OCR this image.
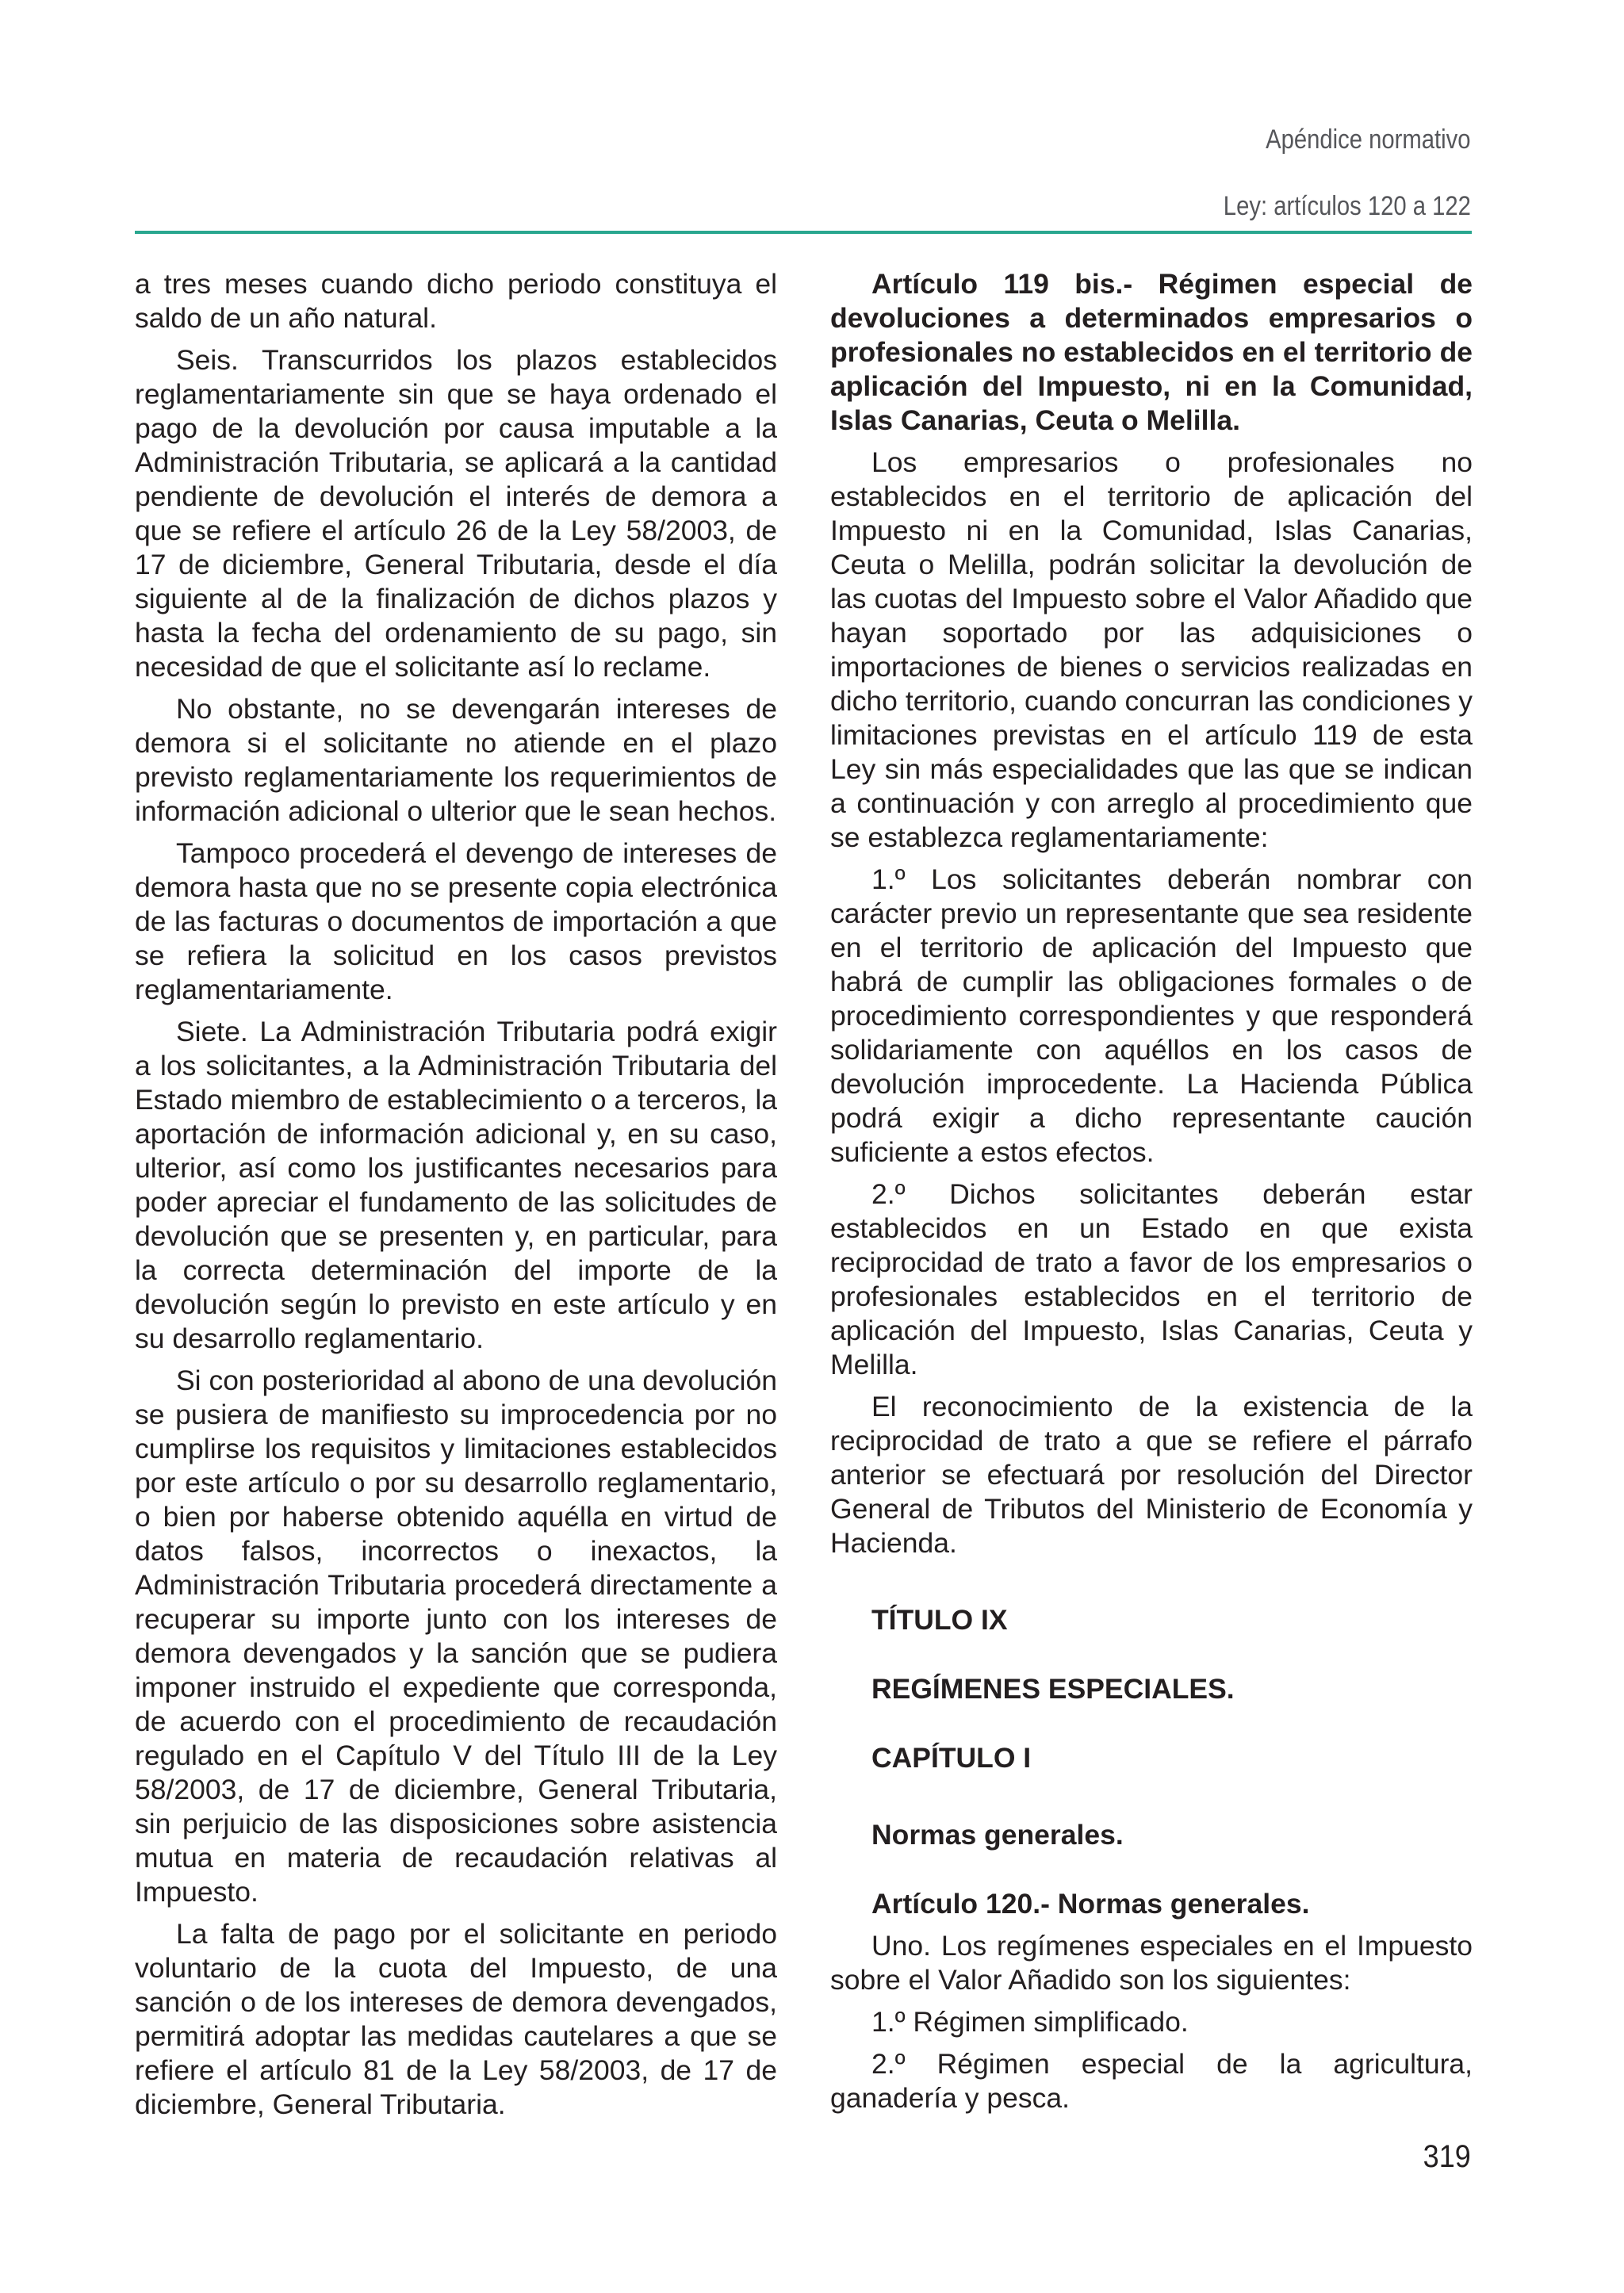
Apéndice normativo
Ley: artículos 120 a 122

a tres meses cuando dicho periodo constituya el saldo de un año natural.

Seis. Transcurridos los plazos establecidos reglamentariamente sin que se haya ordenado el pago de la devolución por causa imputable a la Administración Tributaria, se aplicará a la cantidad pendiente de devolución el interés de demora a que se refiere el artículo 26 de la Ley 58/2003, de 17 de diciembre, General Tributaria, desde el día siguiente al de la finalización de dichos plazos y hasta la fecha del ordenamiento de su pago, sin necesidad de que el solicitante así lo reclame.

No obstante, no se devengarán intereses de demora si el solicitante no atiende en el plazo previsto reglamentariamente los requerimientos de información adicional o ulterior que le sean hechos.

Tampoco procederá el devengo de intereses de demora hasta que no se presente copia electrónica de las facturas o documentos de importación a que se refiera la solicitud en los casos previstos reglamentariamente.

Siete. La Administración Tributaria podrá exigir a los solicitantes, a la Administración Tributaria del Estado miembro de establecimiento o a terceros, la aportación de información adicional y, en su caso, ulterior, así como los justificantes necesarios para poder apreciar el fundamento de las solicitudes de devolución que se presenten y, en particular, para la correcta determinación del importe de la devolución según lo previsto en este artículo y en su desarrollo reglamentario.

Si con posterioridad al abono de una devolución se pusiera de manifiesto su improcedencia por no cumplirse los requisitos y limitaciones establecidos por este artículo o por su desarrollo reglamentario, o bien por haberse obtenido aquélla en virtud de datos falsos, incorrectos o inexactos, la Administración Tributaria procederá directamente a recuperar su importe junto con los intereses de demora devengados y la sanción que se pudiera imponer instruido el expediente que corresponda, de acuerdo con el procedimiento de recaudación regulado en el Capítulo V del Título III de la Ley 58/2003, de 17 de diciembre, General Tributaria, sin perjuicio de las disposiciones sobre asistencia mutua en materia de recaudación relativas al Impuesto.

La falta de pago por el solicitante en periodo voluntario de la cuota del Impuesto, de una sanción o de los intereses de demora devengados, permitirá adoptar las medidas cautelares a que se refiere el artículo 81 de la Ley 58/2003, de 17 de diciembre, General Tributaria.

Artículo 119 bis.- Régimen especial de devoluciones a determinados empresarios o profesionales no establecidos en el territorio de aplicación del Impuesto, ni en la Comunidad, Islas Canarias, Ceuta o Melilla.

Los empresarios o profesionales no establecidos en el territorio de aplicación del Impuesto ni en la Comunidad, Islas Canarias, Ceuta o Melilla, podrán solicitar la devolución de las cuotas del Impuesto sobre el Valor Añadido que hayan soportado por las adquisiciones o importaciones de bienes o servicios realizadas en dicho territorio, cuando concurran las condiciones y limitaciones previstas en el artículo 119 de esta Ley sin más especialidades que las que se indican a continuación y con arreglo al procedimiento que se establezca reglamentariamente:

1.º Los solicitantes deberán nombrar con carácter previo un representante que sea residente en el territorio de aplicación del Impuesto que habrá de cumplir las obligaciones formales o de procedimiento correspondientes y que responderá solidariamente con aquéllos en los casos de devolución improcedente. La Hacienda Pública podrá exigir a dicho representante caución suficiente a estos efectos.

2.º Dichos solicitantes deberán estar establecidos en un Estado en que exista reciprocidad de trato a favor de los empresarios o profesionales establecidos en el territorio de aplicación del Impuesto, Islas Canarias, Ceuta y Melilla.

El reconocimiento de la existencia de la reciprocidad de trato a que se refiere el párrafo anterior se efectuará por resolución del Director General de Tributos del Ministerio de Economía y Hacienda.

TÍTULO IX

REGÍMENES ESPECIALES.

CAPÍTULO I

Normas generales.

Artículo 120.- Normas generales.

Uno. Los regímenes especiales en el Impuesto sobre el Valor Añadido son los siguientes:

1.º Régimen simplificado.

2.º Régimen especial de la agricultura, ganadería y pesca.

319
